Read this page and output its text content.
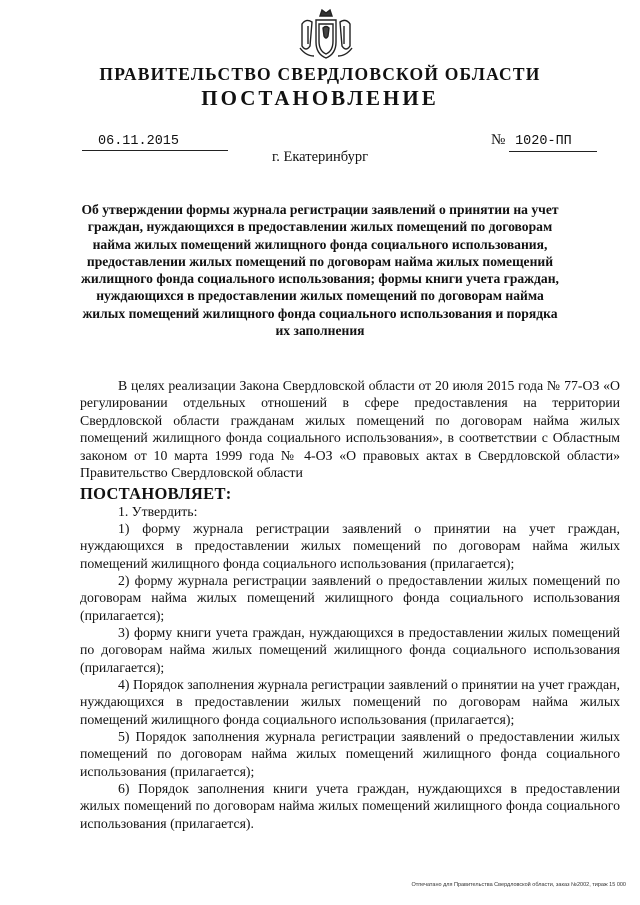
ПРАВИТЕЛЬСТВО СВЕРДЛОВСКОЙ ОБЛАСТИ
ПОСТАНОВЛЕНИЕ
06.11.2015	№ 1020-ПП
г. Екатеринбург
Об утверждении формы журнала регистрации заявлений о принятии на учет граждан, нуждающихся в предоставлении жилых помещений по договорам найма жилых помещений жилищного фонда социального использования, предоставлении жилых помещений по договорам найма жилых помещений жилищного фонда социального использования; формы книги учета граждан, нуждающихся в предоставлении жилых помещений по договорам найма жилых помещений жилищного фонда социального использования и порядка их заполнения
В целях реализации Закона Свердловской области от 20 июля 2015 года № 77-ОЗ «О регулировании отдельных отношений в сфере предоставления на территории Свердловской области гражданам жилых помещений по договорам найма жилых помещений жилищного фонда социального использования», в соответствии с Областным законом от 10 марта 1999 года № 4-ОЗ «О правовых актах в Свердловской области» Правительство Свердловской области
ПОСТАНОВЛЯЕТ:
1. Утвердить:
1) форму журнала регистрации заявлений о принятии на учет граждан, нуждающихся в предоставлении жилых помещений по договорам найма жилых помещений жилищного фонда социального использования (прилагается);
2) форму журнала регистрации заявлений о предоставлении жилых помещений по договорам найма жилых помещений жилищного фонда социального использования (прилагается);
3) форму книги учета граждан, нуждающихся в предоставлении жилых помещений по договорам найма жилых помещений жилищного фонда социального использования (прилагается);
4) Порядок заполнения журнала регистрации заявлений о принятии на учет граждан, нуждающихся в предоставлении жилых помещений по договорам найма жилых помещений жилищного фонда социального использования (прилагается);
5) Порядок заполнения журнала регистрации заявлений о предоставлении жилых помещений по договорам найма жилых помещений жилищного фонда социального использования (прилагается);
6) Порядок заполнения книги учета граждан, нуждающихся в предоставлении жилых помещений по договорам найма жилых помещений жилищного фонда социального использования (прилагается).
Отпечатано для Правительства Свердловской области, заказ №2002, тираж 15 000
